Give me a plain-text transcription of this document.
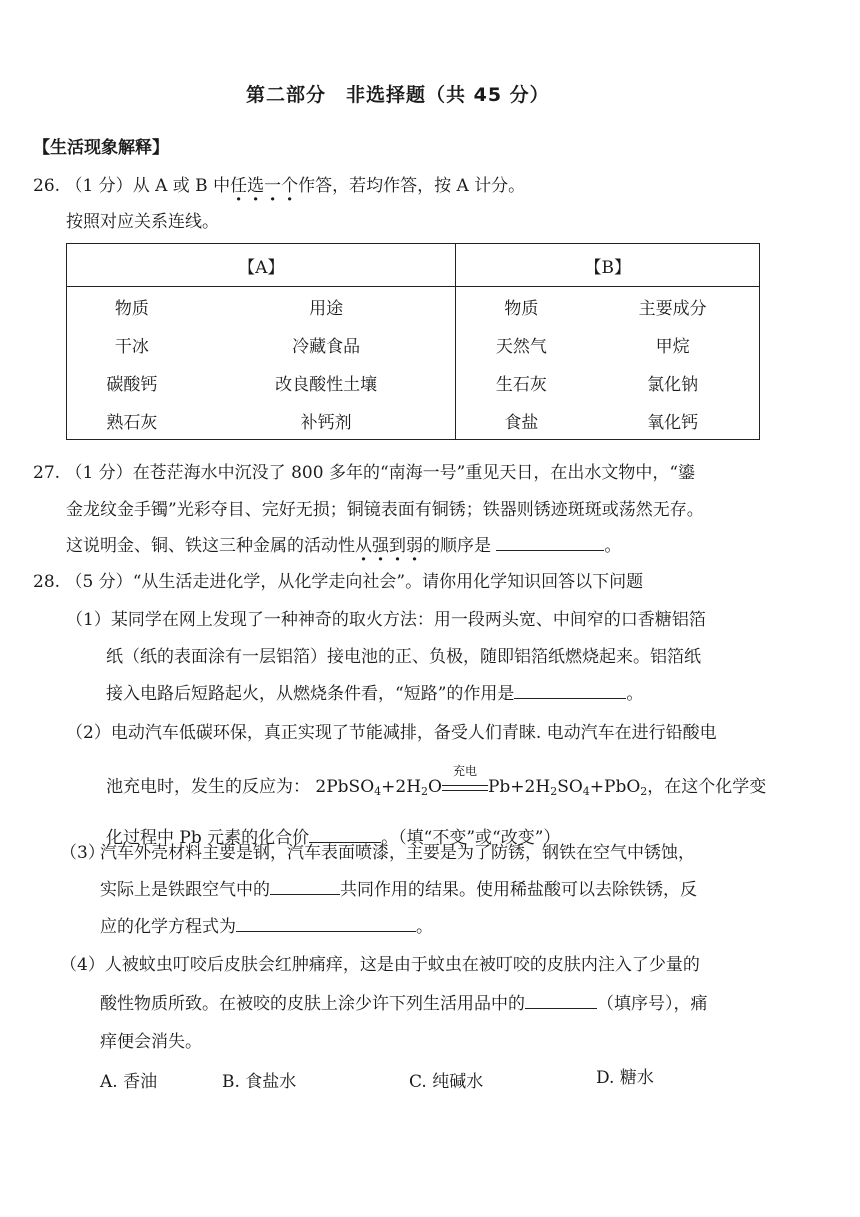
第二部分　非选择题（共 45 分）
【生活现象解释】
26. （1 分）从 A 或 B 中任选一个作答，若均作答，按 A 计分。
按照对应关系连线。
【A】		【B】	
物质	用途	物质	主要成分
干冰	冷藏食品	天然气	甲烷
碳酸钙	改良酸性土壤	生石灰	氯化钠
熟石灰	补钙剂	食盐	氧化钙
27. （1 分）在苍茫海水中沉没了 800 多年的“南海一号”重见天日，在出水文物中，“鎏
金龙纹金手镯”光彩夺目、完好无损；铜镜表面有铜锈；铁器则锈迹斑斑或荡然无存。
这说明金、铜、铁这三种金属的活动性从强到弱的顺序是	。
28. （5 分）“从生活走进化学，从化学走向社会”。请你用化学知识回答以下问题
（1）某同学在网上发现了一种神奇的取火方法：用一段两头宽、中间窄的口香糖铝箔
纸（纸的表面涂有一层铝箔）接电池的正、负极，随即铝箔纸燃烧起来。铝箔纸
接入电路后短路起火，从燃烧条件看，“短路”的作用是	。
（2）电动汽车低碳环保，真正实现了节能减排，备受人们青睐. 电动汽车在进行铅酸电
池充电时，发生的反应为： $2PbSO_4+2H_2O$
充电
$Pb+2H_2SO_4+PbO_2$，在这个化学变
化过程中 Pb 元素的化合价	。（填“不变”或“改变”）
（3）
汽车外壳材料主要是钢，汽车表面喷漆，主要是为了防锈，钢铁在空气中锈蚀，
实际上是铁跟空气中的	共同作用的结果。使用稀盐酸可以去除铁锈，反
应的化学方程式为	。
（4）人被蚊虫叮咬后皮肤会红肿痛痒，这是由于蚊虫在被叮咬的皮肤内注入了少量的
酸性物质所致。在被咬的皮肤上涂少许下列生活用品中的	（填序号），痛
痒便会消失。
A. 香油	B. 食盐水	C. 纯碱水	D. 糖水
